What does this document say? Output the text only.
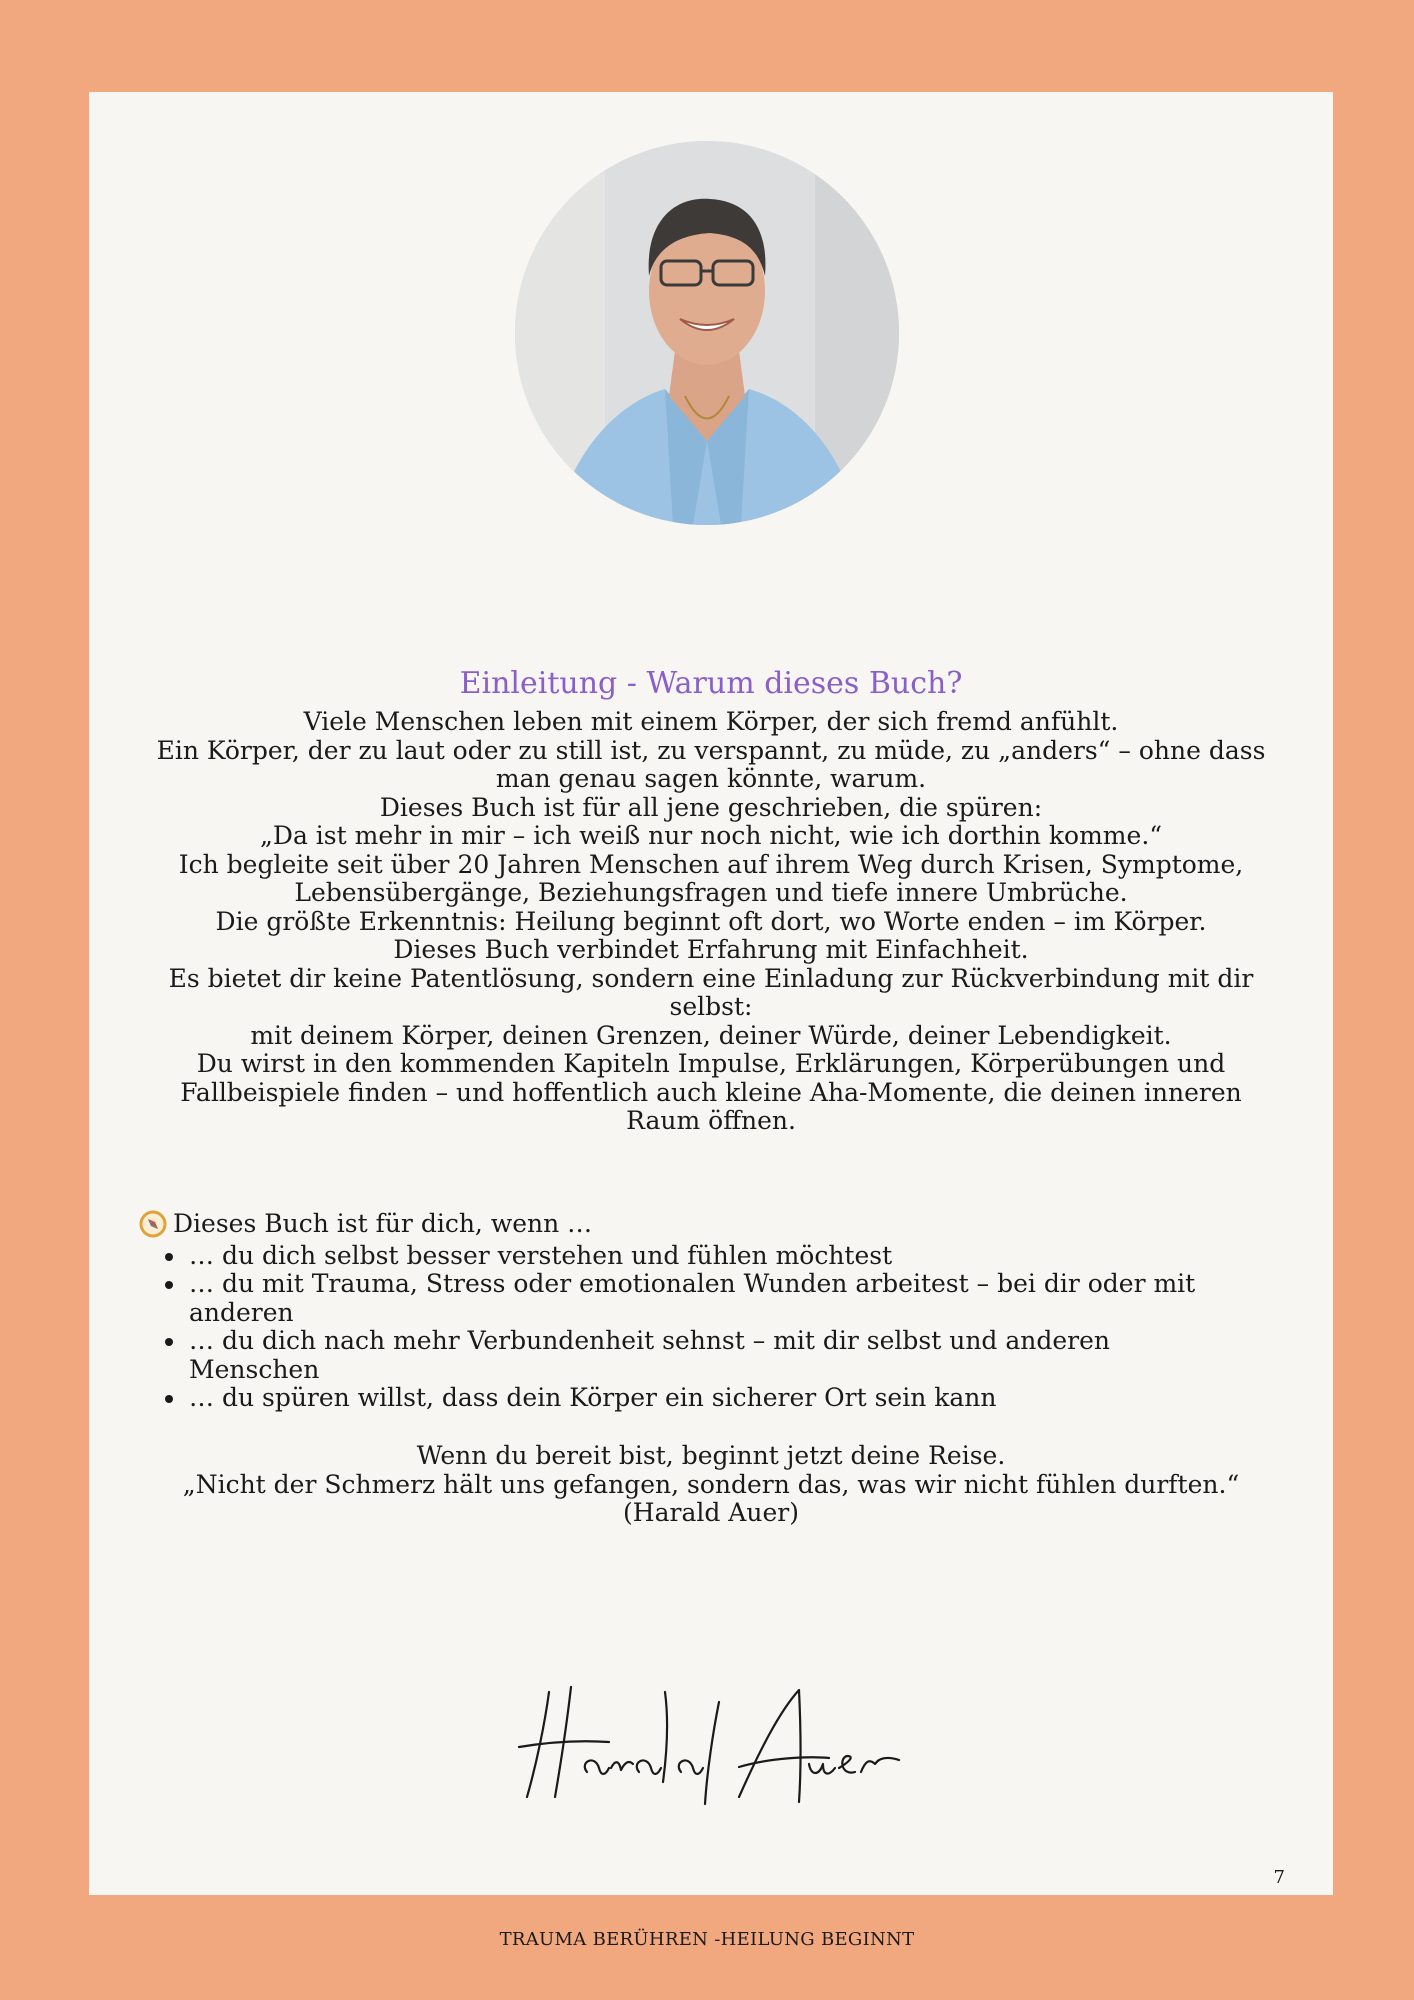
Einleitung - Warum dieses Buch?

Viele Menschen leben mit einem Körper, der sich fremd anfühlt.

Ein Körper, der zu laut oder zu still ist, zu verspannt, zu müde, zu „anders“ – ohne dass man genau sagen könnte, warum.

Dieses Buch ist für all jene geschrieben, die spüren:

„Da ist mehr in mir – ich weiß nur noch nicht, wie ich dorthin komme.“

Ich begleite seit über 20 Jahren Menschen auf ihrem Weg durch Krisen, Symptome, Lebensübergänge, Beziehungsfragen und tiefe innere Umbrüche.

Die größte Erkenntnis: Heilung beginnt oft dort, wo Worte enden – im Körper.

Dieses Buch verbindet Erfahrung mit Einfachheit.

Es bietet dir keine Patentlösung, sondern eine Einladung zur Rückverbindung mit dir selbst:

mit deinem Körper, deinen Grenzen, deiner Würde, deiner Lebendigkeit.

Du wirst in den kommenden Kapiteln Impulse, Erklärungen, Körperübungen und Fallbeispiele finden – und hoffentlich auch kleine Aha-Momente, die deinen inneren Raum öffnen.

Dieses Buch ist für dich, wenn …
• … du dich selbst besser verstehen und fühlen möchtest
• … du mit Trauma, Stress oder emotionalen Wunden arbeitest – bei dir oder mit anderen
• … du dich nach mehr Verbundenheit sehnst – mit dir selbst und anderen Menschen
• … du spüren willst, dass dein Körper ein sicherer Ort sein kann

Wenn du bereit bist, beginnt jetzt deine Reise.

„Nicht der Schmerz hält uns gefangen, sondern das, was wir nicht fühlen durften.“

(Harald Auer)

7
TRAUMA BERÜHREN -HEILUNG BEGINNT
